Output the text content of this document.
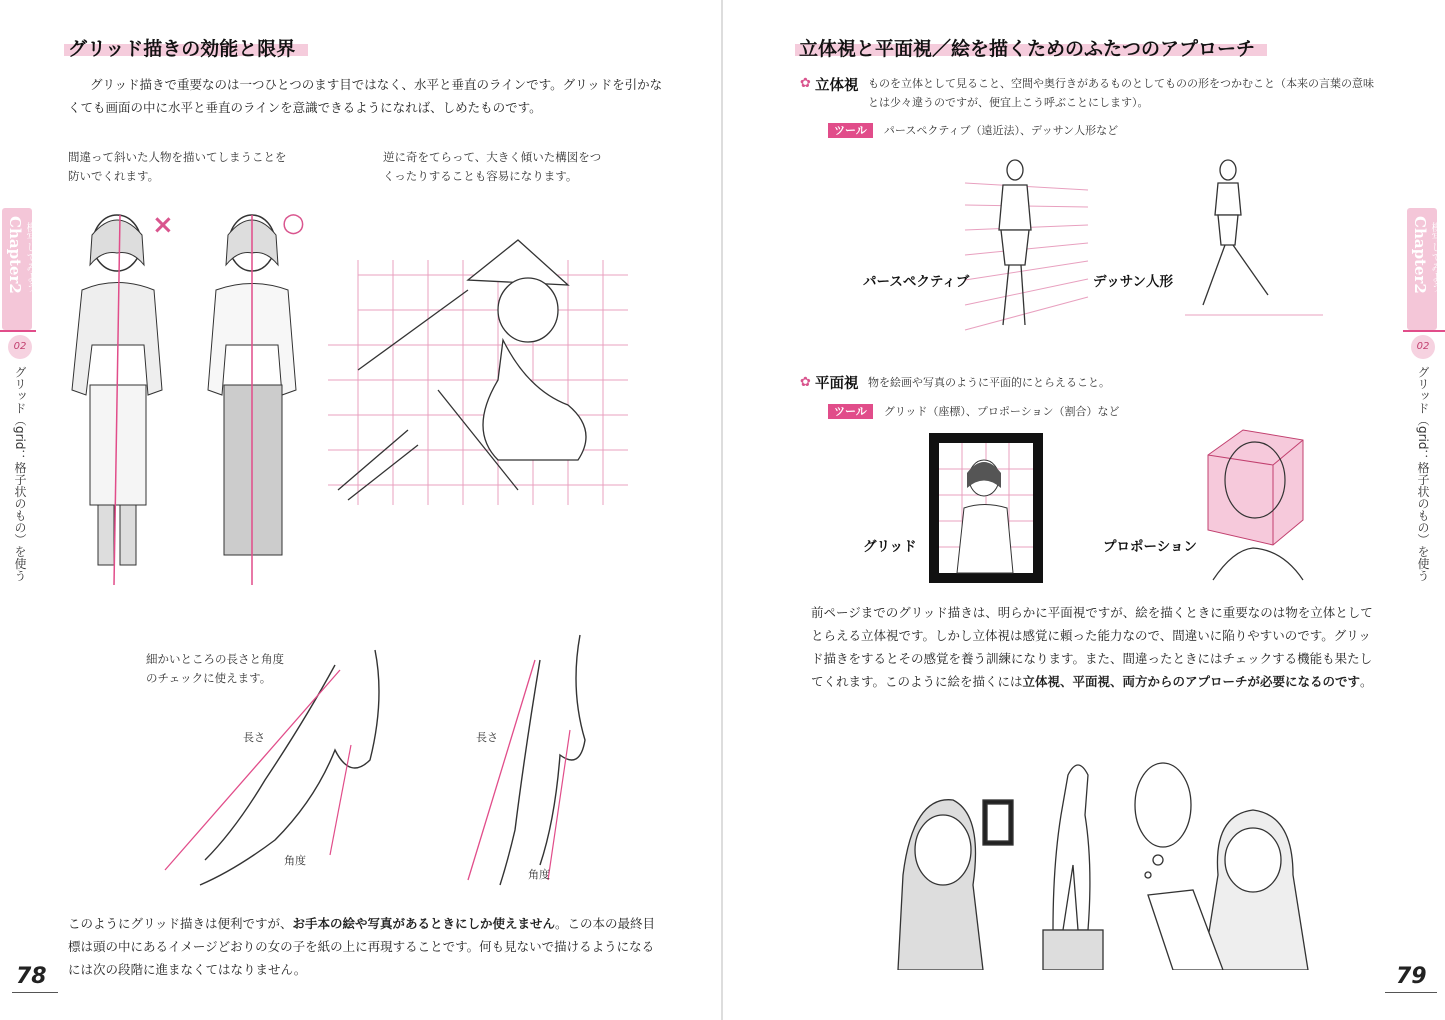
グリッド描きの効能と限界
グリッド描きで重要なのは一つひとつのます目ではなく、水平と垂直のラインです。グリッドを引かなくても画面の中に水平と垂直のラインを意識できるようになれば、しめたものです。
間違って斜いた人物を描いてしまうことを防いでくれます。
逆に奇をてらって、大きく傾いた構図をつくったりすることも容易になります。
×	○
細かいところの長さと角度のチェックに使えます。
長さ	長さ
角度
角度
このようにグリッド描きは便利ですが、お手本の絵や写真があるときにしか使えません。この本の最終目標は頭の中にあるイメージどおりの女の子を紙の上に再現することです。何も見ないで描けるようになるには次の段階に進まなくてはなりません。
78
Chapter2 模写してみよう
02
グリッド（grid：格子状のもの）を使う
立体視と平面視／絵を描くためのふたつのアプローチ
✿ 立体視 ものを立体として見ること、空間や奥行きがあるものとしてものの形をつかむこと（本来の言葉の意味とは少々違うのですが、便宜上こう呼ぶことにします）。
ツール パースペクティブ（遠近法）、デッサン人形など
パースペクティブ	デッサン人形
✿ 平面視 物を絵画や写真のように平面的にとらえること。
ツール グリッド（座標）、プロポーション（割合）など
グリッド	プロポーション
前ページまでのグリッド描きは、明らかに平面視ですが、絵を描くときに重要なのは物を立体としてとらえる立体視です。しかし立体視は感覚に頼った能力なので、間違いに陥りやすいのです。グリッド描きをするとその感覚を養う訓練になります。また、間違ったときにはチェックする機能も果たしてくれます。このように絵を描くには立体視、平面視、両方からのアプローチが必要になるのです。
79
Chapter2 模写してみよう
02
グリッド（grid：格子状のもの）を使う
